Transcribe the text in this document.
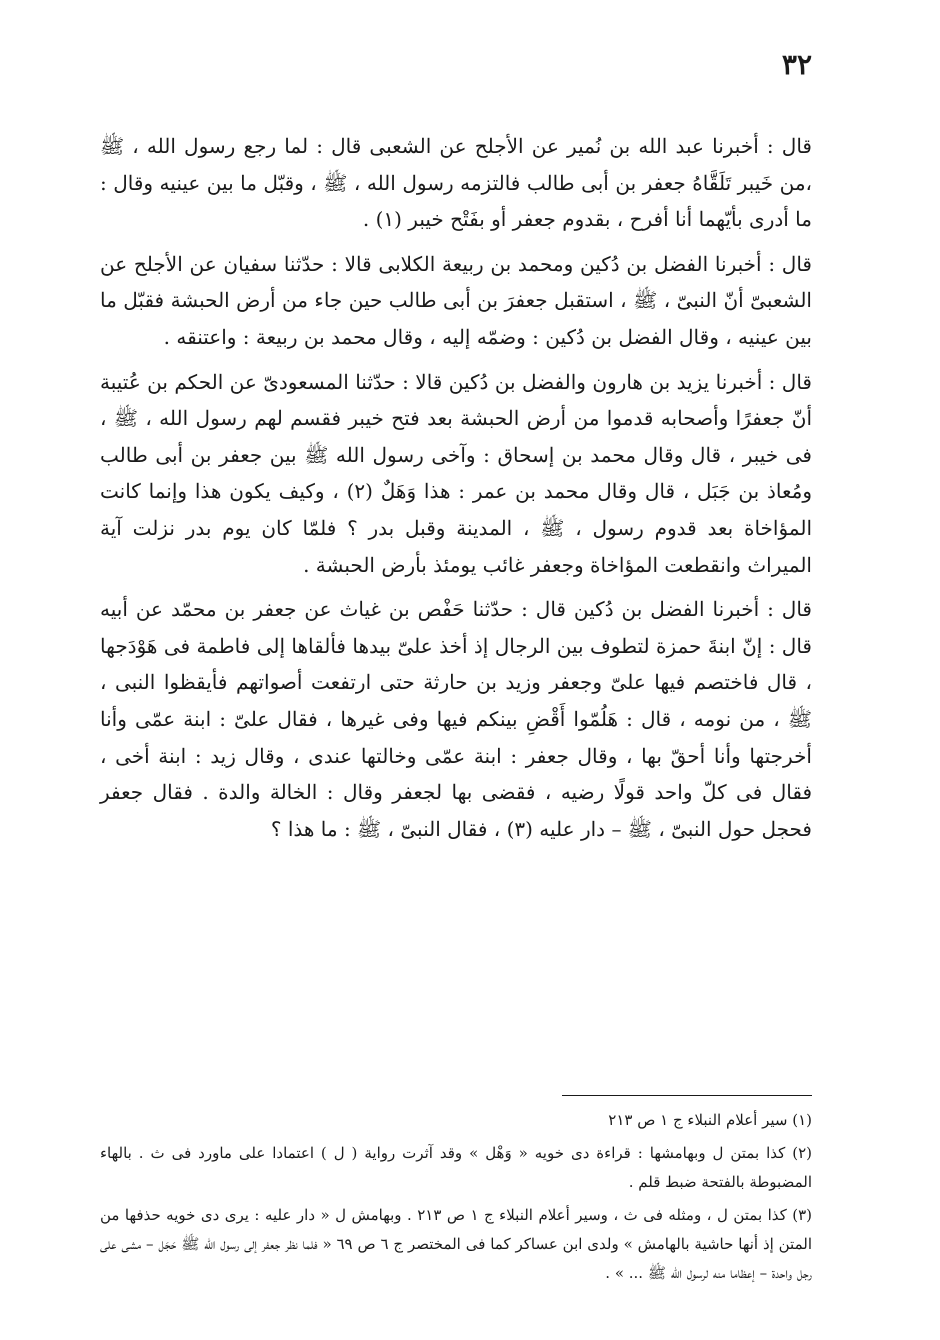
٣٢

قال : أخبرنا عبد الله بن نُمير عن الأجلح عن الشعبى قال : لما رجع رسول الله ، ﷺ ،من خَيبر تَلَقَّاهُ جعفر بن أبى طالب فالتزمه رسول الله ، ﷺ ، وقبّل ما بين عينيه وقال : ما أدرى بأيّهما أنا أفرح ، بقدوم جعفر أو بفَتْح خيبر (١) .

قال : أخبرنا الفضل بن دُكين ومحمد بن ربيعة الكلابى قالا : حدّثنا سفيان عن الأجلح عن الشعبىّ أنّ النبىّ ، ﷺ ، استقبل جعفرَ بن أبى طالب حين جاء من أرض الحبشة فقبّل ما بين عينيه ، وقال الفضل بن دُكين : وضمّه إليه ، وقال محمد بن ربيعة : واعتنقه .

قال : أخبرنا يزيد بن هارون والفضل بن دُكين قالا : حدّثنا المسعودىّ عن الحكم بن عُتيبة أنّ جعفرًا وأصحابه قدموا من أرض الحبشة بعد فتح خيبر فقسم لهم رسول الله ، ﷺ ، فى خيبر ، قال وقال محمد بن إسحاق : وآخى رسول الله ﷺ بين جعفر بن أبى طالب ومُعاذ بن جَبَل ، قال وقال محمد بن عمر : هذا وَهَلٌ (٢) ، وكيف يكون هذا وإنما كانت المؤاخاة بعد قدوم رسول ، ﷺ ، المدينة وقبل بدر ؟ فلمّا كان يوم بدر نزلت آية الميراث وانقطعت المؤاخاة وجعفر غائب يومئذ بأرض الحبشة .

قال : أخبرنا الفضل بن دُكين قال : حدّثنا حَفْص بن غياث عن جعفر بن محمّد عن أبيه قال : إنّ ابنةَ حمزة لتطوف بين الرجال إذ أخذ علىّ بيدها فألقاها إلى فاطمة فى هَوْدَجها ، قال فاختصم فيها علىّ وجعفر وزيد بن حارثة حتى ارتفعت أصواتهم فأيقظوا النبى ، ﷺ ، من نومه ، قال : هَلُمّوا أَقْضِ بينكم فيها وفى غيرها ، فقال علىّ : ابنة عمّى وأنا أخرجتها وأنا أحقّ بها ، وقال جعفر : ابنة عمّى وخالتها عندى ، وقال زيد : ابنة أخى ، فقال فى كلّ واحد قولًا رضيه ، فقضى بها لجعفر وقال : الخالة والدة . فقال جعفر فحجل حول النبىّ ، ﷺ – دار عليه (٣) ، فقال النبىّ ، ﷺ : ما هذا ؟

(١) سير أعلام النبلاء ج ١ ص ٢١٣

(٢) كذا بمتن ل وبهامشها : قراءة دى خويه « وَهْل » وقد آثرت رواية ( ل ) اعتمادا على ماورد فى ث . بالهاء المضبوطة بالفتحة ضبط قلم .

(٣) كذا بمتن ل ، ومثله فى ث ، وسير أعلام النبلاء ج ١ ص ٢١٣ . وبهامش ل « دار عليه : يرى دى خويه حذفها من المتن إذ أنها حاشية بالهامش » ولدى ابن عساكر كما فى المختصر ج ٦ ص ٦٩ « فلما نظر جعفر إلى رسول الله ﷺ حَجَل – مشى على رجل واحدة – إعظاما منه لرسول الله ﷺ ... » .
